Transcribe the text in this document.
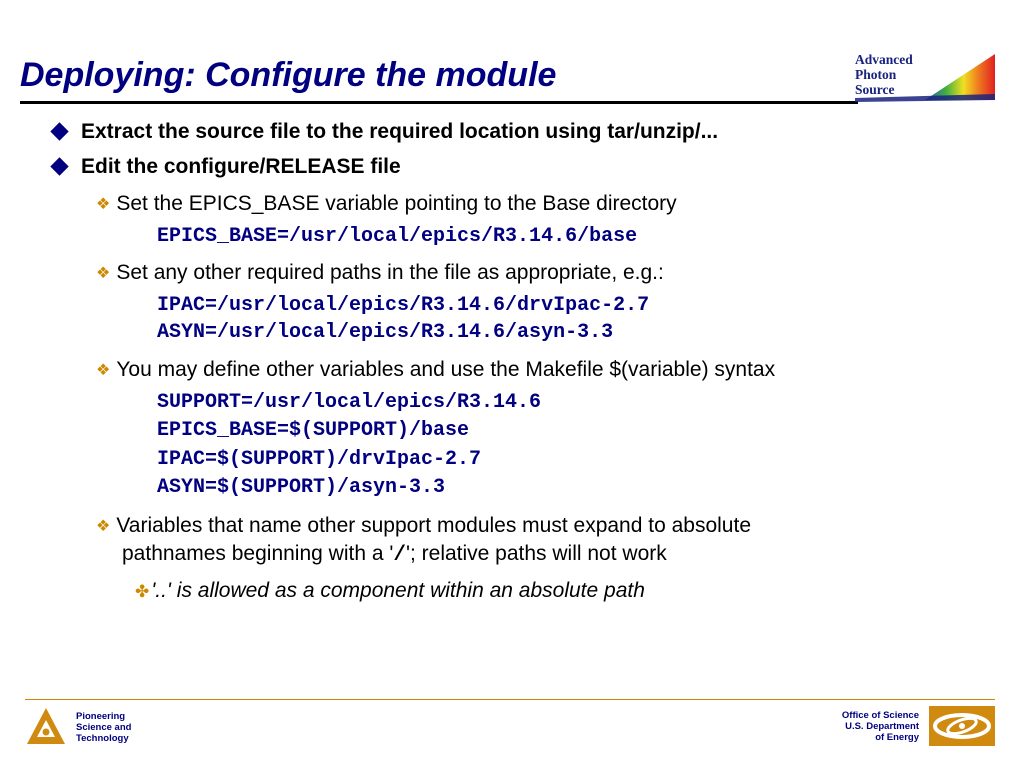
Deploying: Configure the module	Advanced
Photon
Source
Extract the source file to the required location using tar/unzip/...
Edit the configure/RELEASE file
❖ Set the EPICS_BASE variable pointing to the Base directory
EPICS_BASE=/usr/local/epics/R3.14.6/base
❖ Set any other required paths in the file as appropriate, e.g.:
IPAC=/usr/local/epics/R3.14.6/drvIpac-2.7
ASYN=/usr/local/epics/R3.14.6/asyn-3.3
❖ You may define other variables and use the Makefile $(variable) syntax
SUPPORT=/usr/local/epics/R3.14.6
EPICS_BASE=$(SUPPORT)/base
IPAC=$(SUPPORT)/drvIpac-2.7
ASYN=$(SUPPORT)/asyn-3.3
❖ Variables that name other support modules must expand to absolute
pathnames beginning with a '/'; relative paths will not work
✤'..' is allowed as a component within an absolute path
Pioneering
Science and
Technology
Office of Science
U.S. Department
of Energy
